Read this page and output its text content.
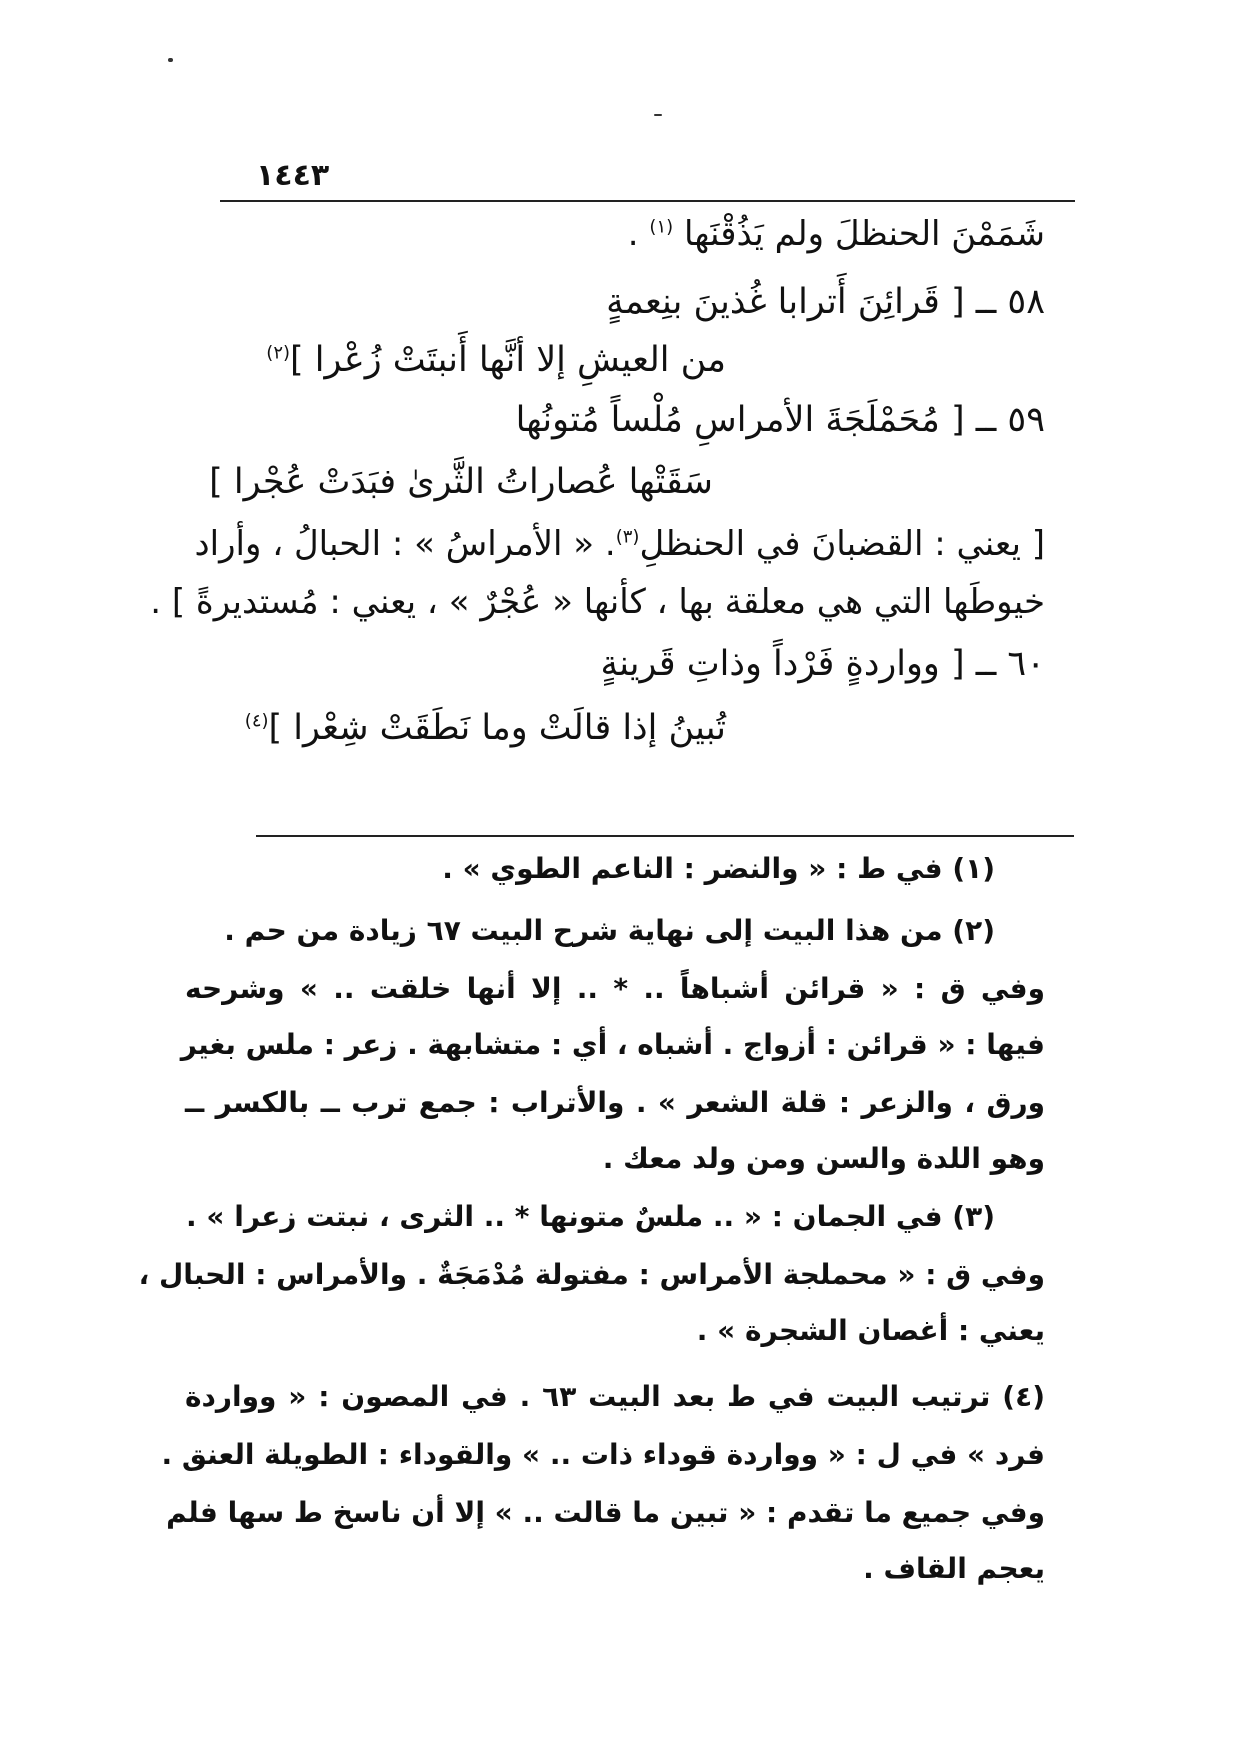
١٤٤٣
شَمَمْنَ الحنظلَ ولم يَذُقْنَها $^{(١)}$ .
٥٨ ــ [ قَرائِنَ أَترابا غُذينَ بنِعمةٍ
من العيشِ إلا أنَّها أَنبتَتْ زُعْرا ]$^{(٢)}$
٥٩ ــ [ مُحَمْلَجَةَ الأمراسِ مُلْساً مُتونُها
سَقَتْها عُصاراتُ الثَّرىٰ فبَدَتْ عُجْرا ]
[ يعني : القضبانَ في الحنظلِ$^{(٣)}$. « الأمراسُ » : الحبالُ ، وأراد
خيوطَها التي هي معلقة بها ، كأنها « عُجْرٌ » ، يعني : مُستديرةً ] .
٦٠ ــ [ وواردةٍ فَرْداً وذاتِ قَرينةٍ
تُبينُ إذا قالَتْ وما نَطَقَتْ شِعْرا ]$^{(٤)}$
(١) في ط : « والنضر : الناعم الطوي » .
(٢) من هذا البيت إلى نهاية شرح البيت ٦٧ زيادة من حم .
وفي ق : « قرائن أشباهاً .. * .. إلا أنها خلقت .. » وشرحه
فيها : « قرائن : أزواج . أشباه ، أي : متشابهة . زعر : ملس بغير
ورق ، والزعر : قلة الشعر » . والأتراب : جمع ترب ــ بالكسر ــ
وهو اللدة والسن ومن ولد معك .
(٣) في الجمان : « .. ملسٌ متونها * .. الثرى ، نبتت زعرا » .
وفي ق : « محملجة الأمراس : مفتولة مُدْمَجَةٌ . والأمراس : الحبال ،
يعني : أغصان الشجرة » .
(٤) ترتيب البيت في ط بعد البيت ٦٣ . في المصون : « وواردة
فرد » في ل : « وواردة قوداء ذات .. » والقوداء : الطويلة العنق .
وفي جميع ما تقدم : « تبين ما قالت .. » إلا أن ناسخ ط سها فلم
يعجم القاف .
